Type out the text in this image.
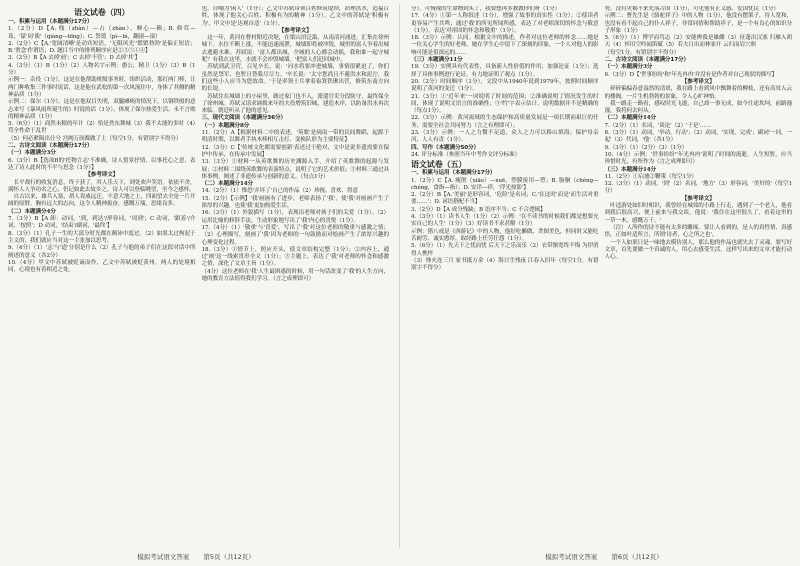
语文试卷（四）

一、积累与运用（本题满分17分）

1.（2分）D【A. 栈（zhàn）—占（zhàn），蝉心—赖；B. 修茸—葺，'谋'同'谀'（qiáng—bīng）；C. 祭奠（pì—bì，翻滚—滚）

2.（2分）C【A.'宽阔清晰'是动宾短语，'无限风光''繁繁勃勃'是偏正短语；B.'奢念'作谓语；D. 题目当中的排列顺序应是②③⑤①④】

3.（2分）B【A 去掉'前'；C 去掉'不管'；D 去掉'其'】

4.（3分）（1）B（1分）（2）人物名字示例：愚公，精卫（1分）（3）B（1分）

示例一：杂役（1分），这是在他帮助班级事务时，组织活动，那打两门棒，让两门种收集三件事时说话，这是他在武松的第一次风流往中，身体了其侧的精神品质（1分）

示例二：保尔（1分），这是在他双目失明，双腿瘫痪的情况下，以钢铁般的意志来写《暴风雨所诞生的》时说的话（1分），体现了保尔热爱生活、永不言败的精神品质（1分）

5.（6分）（1）商然未粮的年计（2）恰是然东舞城（3）我不太能的多时（4）苟全性命于乱世

（5）何必紧陨出仕兮 宫阙万间都做了土（每空1分，有错别字不得分）

二、古诗文阅读（本题满分17分）

（一）本题满分3分

6.（3分）B【选项B的'托物言志'不准确，诗人借景抒情，以事托心之意，表达了诗人此时的不平与思念（1分）】

【参考译文】

长平战行的收复消息，终于获了，其人乐天下，到处欢声笑语。依依不舍，满怀人人争功名之心，仍记如此去故乡之，诗人可以登临眺望，至今之感怀。

自古以来，雄兵入塞，胡人畏威远迁。不意大地之上，四面望去全是一片开阔的原野，胸有远大的志向，这令人精神振奋，感慨万端，思绪良多。

（二）本题满分4分

7.（3分）B【A 卸：动词，'到，到达'/形容词，'周到'；C 动词，'跟着'/介词，'按照'；D 动词，'结束'/副词，'最终'】

8.（3分）（1）孔子一生的大部分时光都在颠沛中度过。（2）如果太过拘泥于主义的，我们就应当对这一主张加以思考。

9.（4分）（1）'志'与'道'分别是什么（2）孔子与他的弟子们在这段对话中所阐述的意义（各2分）

10.（4分）甲文中苏轼被贬谪而作，乙文中苏轼被贬黄州，两人的处境相同，心境也有着相近之处。

也，自嘲为'闲人'（1分）；乙文中苏轼带领百姓修筑堤坝，治理洪水，造福百姓，体现了他关心百姓、积极有为的精神（1分）。乙文中的苏轼是'积极有为'，甲文中是'达观自适'（1分）。

【参考译文】

这一年，黄河在曹村附近决堤，在梁山泊泛滥，从南清河涌进，汇集在徐州城下。水位不断上涨，不能迅速流泄，城墙即将被冲毁，城里的富人争着出城去逃避水难。苏轼说：'富人都出城，全城的人心都会动摇，我和谁一起守城呢？有我在这里，水就不会冲毁城墙。'把富人们赶回城中。

苏轼到武卫营，召见卒长，说：'河水将要冲进城墙，事情很紧迫了，你们虽然是禁军，也暂且替我尽尽力。'卒长说：'太守您尚且不避洪水和泥泞，我们这些小人应当为您效命。'于是率领士兵拿着畚箕铁锹出营，修筑东南方向的长堤。

苏轼住在城墙上的小屋里，路过家门也不入，派遣官吏分段防守，最终保全了徐州城。苏轼又请求调拨来年的夫役增筑旧城，建造木岸，以防备洪水再次来临。朝廷听从了他的意见。

三、现代文阅读（本题满分36分）

（一）本题满分8分

11.（2分）A【根据材料二中的表述，'英歌'是闽南一带的民间舞蹈，起源于明清时期，以舞者手执木棒相互击打、变换队形为主要特征】

12.（3分）C【'传统文化都需要创新'表述过于绝对，文中是说非遗需要在保护中传承，在传承中发展】

13.（3分）①材料一从英歌舞的历史渊源入手，介绍了英歌舞的起源与发展；②材料二围绕英歌舞的表演特点，说明了它的艺术价值；③材料三通过具体事例，阐述了非遗传承与创新的意义。（每点1分）

（二）本题满分14分

14.（2分）（1）惟恐'弄坏了'自己的作品（2）珍视、喜欢、得意

15.（2分）【示例】'我'画画有了进步，老师表扬了'我'，使'我'对画画产生了浓厚的兴趣，也使'我'更加热爱生活。

16.（3分）（1）外貌描写（1分），表现出老师对孩子们的关爱（1分）。（2）运用比喻的修辞手法，生动形象地写出了'我'内心的喜悦（1分）。

17.（4分）（1）'敬重'与'喜爱'，写出了'我'对这位老师的敬重与感激之情；（2）心理描写，刻画了'我'因为老师的一句鼓励而对绘画产生了浓厚兴趣的心理变化过程。

18.（3分）①情节上，照应开头，使文章结构完整（1分）；②内容上，通过'画'这一线索贯串全文（1分）；③主题上，表达了'我'对老师的怀念和感激之情，深化了文章主旨（1分）。

（4分）这位老师在'我'人生最困惑的时候，用一句话改变了'我'的人生方向，她的教育方法值得我们学习。（言之成理即可）

分）。可慢视的生命物到头了，我要想再多教教你们呀（1分）

17.（4分）①第一人称叙述（1分），增强了故事的真实性（1分）；②使读者更容易产生共鸣；通过'我'的所见所闻所感，表达了对老师深切的怀念与敬意（1分），表达'对祖国的怀念和敬重'（1分）。

18.（3分）示例：认同。根据文中的描述，作者对这位老师的怀念……她是一位关心学生的好老师，她在学生心中留下了深刻的印象，一个人对他人的影响可能是很深远的……

（三）本题满分11分

19.（3分）实例具有代表性，具备新人性价值的作用；加强论证（1分）；选择了具体事例进行论证，有力地证明了观点（1分）。

20.（2分）时间顺序（1分），文段中从1940年说到1979年，按照时间顺序说明了黄河的变迁（1分）。

21.（3分）①'近年来'一词说明了时间的范围；②准确说明了情况发生的时间，体现了说明文语言的准确性；③'约'字表示估计，说明数据并不是精确的（每点1分）。

22.（3分）示例：黄河流域的生态保护和高质量发展是一项长期而艰巨的任务，需要全社会共同努力（言之有理即可）。

23.（3分）示例：一人之力微不足道，众人之力可以移山填海；保护母亲河，人人有责（1分）。

四、写作（本题满分50分）

24. 评分标准（参照当年中考作文评分标准）

语文试卷（五）

一、积累与运用（本题满分17分）

1.（2分）C【A. 瘦削（xiāo）—xuē，塑膜废用—塑；B. 脂胴（chéng—chéng，食指—指）；D. 安详—祥，'浮光掠影'】

2.（2分）B【A.'美丽'是形容词，'危险'是名词；C.'在这时'而是'而生活对重要……'；D. 词语搭配不当】

3.（2分）D【A 成分残缺；B 语序不当；C 不合逻辑】

4.（3分）（1）读书人生（1分）（2）示例：'在不读书的时候我们都是想要充实自己的人生'（1分）（3）好读书不求甚解（1分）

示例：猪八戒是《西游记》中的人物，他好吃懒做、贪图美色，但同时又能吃苦耐劳、诚实憨厚，取经路上任劳任怨（1分）。

5.（6分）（1）先天下之忧而忧 后天下之乐而乐（2）衣带渐宽终不悔 为伊消得人憔悴

（3）烽火连三月 家书抵万金（4）海日生残夜 江春入旧年（每空1分，有错别字不得分）

势，没有灾祸不来先落古国（1分），可见他有正义感、爱国忧民（1分）

示例二：曹先生是《骆驼祥子》中的人物（1分），他没有摆架子，待人宽和，也没有看不起自己的仆人祥子，非常同情和帮助祥子，是一个有良心的知识分子形象（1分）

5.（6分）（1）博学而笃志（2）安能辨我是雄雌（3）征蓬出汉塞 归雁入胡天（4）怀旧空吟闻笛赋（5）若夫日出而林霏开 云归而岩穴暝

（每空1分，有错别字不得分）

二、古诗文阅读（本题满分17分）

（一）本题满分3分

6.（3分）D【'世事纷纷'和'年光冉冉'并没有是作者对自己现状的描写】

【参考译文】

碎碎偏偏春意盎然的清晨，我在路上看到风中飘舞着的柳枝，还有高耸入云的楼阁，一片生机勃勃的景象，令人心旷神怡。

我一路走一路看，感叹时光飞逝，自己却一事无成，如今仕途坎坷，前路漫漫，我将何去何从。

（二）本题满分14分

7.（2分）（1）名词，'谈论'（2）'于是'……

8.（3分）（1）动词，'举动，行动'；（2）动词，'实现，完成'；副词'一同，一起'（3）代词，'他'（各1分）

9.（3分）（1）（2分）（3）（1分）

10.（4分）示例：'世事纷纷''年光冉冉'说明了时间的流逝。人生短暂，应当珍惜时光，有所作为（言之成理即可）

（三）本题满分14分

11.（2分）①启迪②鞭策（每空1分）

12.（3分）（1）动词，'到'（2）名词，'地方'（3）形容词，'美好的'（每空1分）

【参考译文】

叶适游处如旧时相识，我曾经在城郊的小路上行走，遇到了一个老人，他看到我后很高兴，便上前来与我交谈。他说：'我住在这里很久了，看着这里的一草一木，感慨万千。'

（注）人所作的诗不能有太多的雕琢，要让人看到的，是人的真性情、真感悟，正如叶适所言，所谓'诗者，心之所之也'。

一个人如果只是一味地去模仿别人，那么他的作品也就失去了灵魂。要写好文章，首先要做一个真诚的人，用心去感受生活，这样写出来的文章才能打动人心。

模拟考试语文答案 第5页（共12页）	模拟考试语文答案 第6页（共12页）
